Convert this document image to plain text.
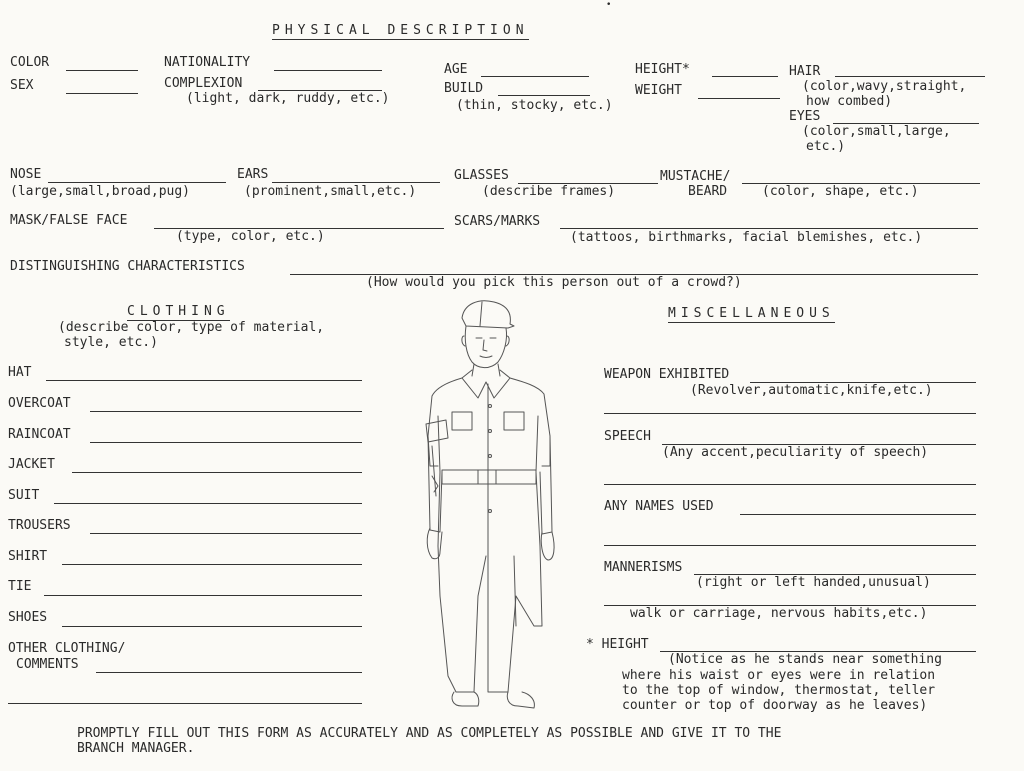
•
PHYSICAL DESCRIPTION
COLOR
SEX
NATIONALITY
COMPLEXION
(light, dark, ruddy, etc.)
AGE
BUILD
(thin, stocky, etc.)
HEIGHT*
WEIGHT
HAIR
(color,wavy,straight,
how combed)
EYES
(color,small,large,
etc.)
NOSE
(large,small,broad,pug)
EARS
(prominent,small,etc.)
GLASSES
(describe frames)
MUSTACHE/
BEARD	(color, shape, etc.)
MASK/FALSE FACE
(type, color, etc.)
SCARS/MARKS
(tattoos, birthmarks, facial blemishes, etc.)
DISTINGUISHING CHARACTERISTICS
(How would you pick this person out of a crowd?)
CLOTHING
(describe color, type of material,
style, etc.)
HAT
OVERCOAT
RAINCOAT
JACKET
SUIT
TROUSERS
SHIRT
TIE
SHOES
OTHER CLOTHING/
COMMENTS
MISCELLANEOUS
WEAPON EXHIBITED
(Revolver,automatic,knife,etc.)
SPEECH
(Any accent,peculiarity of speech)
ANY NAMES USED
MANNERISMS
(right or left handed,unusual)
walk or carriage, nervous habits,etc.)
* HEIGHT
(Notice as he stands near something
where his waist or eyes were in relation
to the top of window, thermostat, teller
counter or top of doorway as he leaves)
PROMPTLY FILL OUT THIS FORM AS ACCURATELY AND AS COMPLETELY AS POSSIBLE AND GIVE IT TO THE
BRANCH MANAGER.
